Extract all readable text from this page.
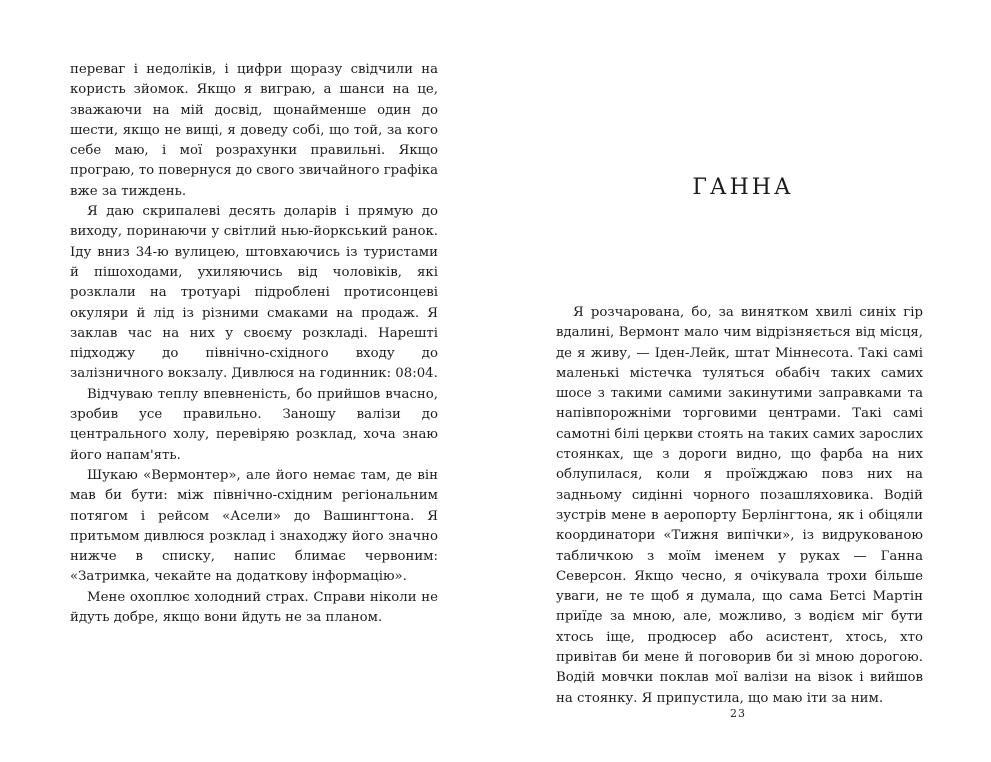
переваг і недоліків, і цифри щоразу свідчили на користь зйомок. Якщо я виграю, а шанси на це, зважаючи на мій досвід, щонайменше один до шести, якщо не вищі, я доведу собі, що той, за кого себе маю, і мої розрахунки правильні. Якщо програю, то повернуся до свого звичайного графіка вже за тиждень.

Я даю скрипалеві десять доларів і прямую до виходу, поринаючи у світлий нью-йоркський ранок. Іду вниз 34-ю вулицею, штовхаючись із туристами й пішоходами, ухиляючись від чоловіків, які розклали на тротуарі підроблені протисонцеві окуляри й лід із різними смаками на продаж. Я заклав час на них у своєму розкладі. Нарешті підходжу до північно-східного входу до залізничного вокзалу. Дивлюся на годинник: 08:04.

Відчуваю теплу впевненість, бо прийшов вчасно, зробив усе правильно. Заношу валізи до центрального холу, перевіряю розклад, хоча знаю його напам'ять.

Шукаю «Вермонтер», але його немає там, де він мав би бути: між північно-східним регіональним потягом і рейсом «Асели» до Вашингтона. Я притьмом дивлюся розклад і знаходжу його значно нижче в списку, напис блимає червоним: «Затримка, чекайте на додаткову інформацію».

Мене охоплює холодний страх. Справи ніколи не йдуть добре, якщо вони йдуть не за планом.

ГАННА

Я розчарована, бо, за винятком хвилі синіх гір вдалині, Вермонт мало чим відрізняється від місця, де я живу, — Іден-Лейк, штат Міннесота. Такі самі маленькі містечка туляться обабіч таких самих шосе з такими самими закинутими заправками та напівпорожніми торговими центрами. Такі самі самотні білі церкви стоять на таких самих зарослих стоянках, ще з дороги видно, що фарба на них облупилася, коли я проїжджаю повз них на задньому сидінні чорного позашляховика. Водій зустрів мене в аеропорту Берлінгтона, як і обіцяли координатори «Тижня випічки», із видрукованою табличкою з моїм іменем у руках — Ганна Северсон. Якщо чесно, я очікувала трохи більше уваги, не те щоб я думала, що сама Бетсі Мартін приїде за мною, але, можливо, з водієм міг бути хтось іще, продюсер або асистент, хтось, хто привітав би мене й поговорив би зі мною дорогою. Водій мовчки поклав мої валізи на візок і вийшов на стоянку. Я припустила, що маю іти за ним.

23
